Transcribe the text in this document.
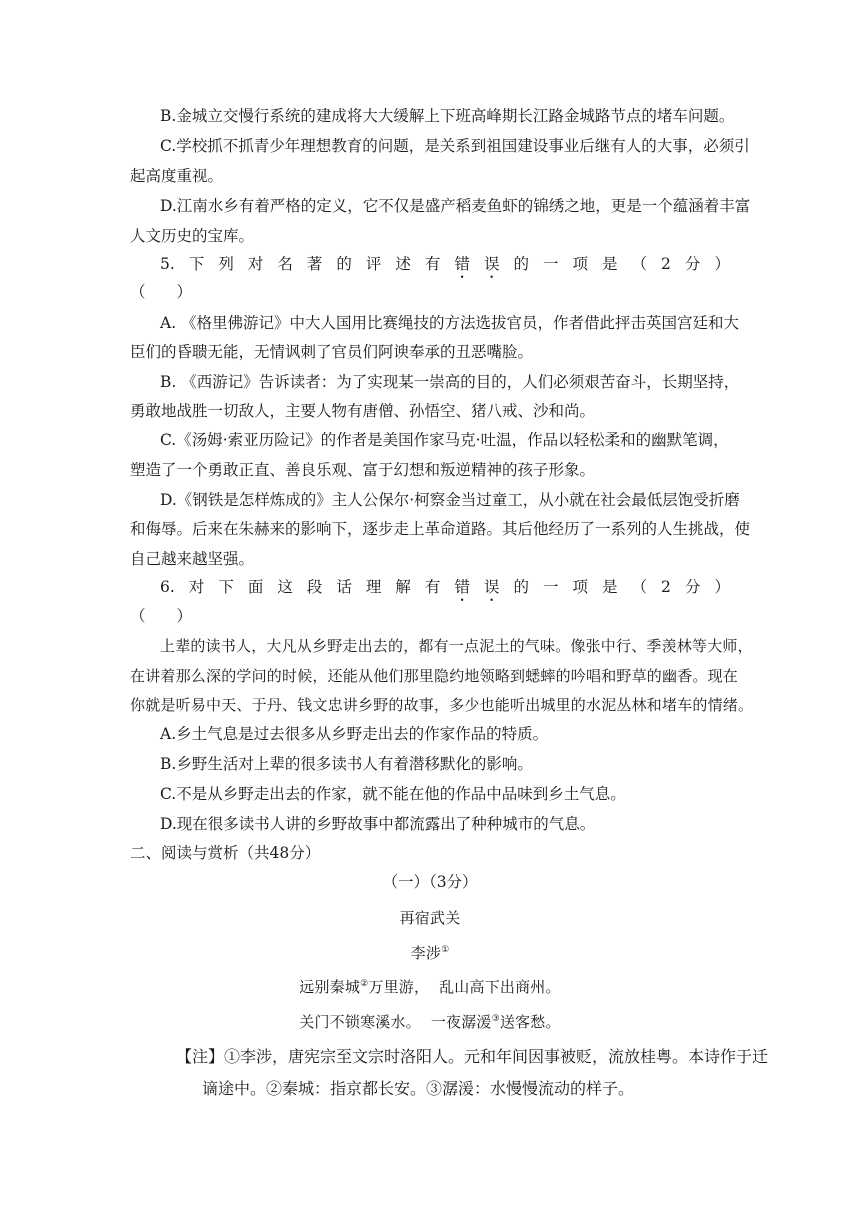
B.金城立交慢行系统的建成将大大缓解上下班高峰期长江路金城路节点的堵车问题。
C.学校抓不抓青少年理想教育的问题，是关系到祖国建设事业后继有人的大事，必须引
起高度重视。
D.江南水乡有着严格的定义，它不仅是盛产稻麦鱼虾的锦绣之地，更是一个蕴涵着丰富
人文历史的宝库。
5. 下 列 对 名 著 的 评 述 有 错 误 的 一 项 是 （ 2 分 ）
（　　）
A. 《格里佛游记》中大人国用比赛绳技的方法选拔官员，作者借此抨击英国宫廷和大
臣们的昏聩无能，无情讽刺了官员们阿谀奉承的丑恶嘴脸。
B. 《西游记》告诉读者：为了实现某一崇高的目的，人们必须艰苦奋斗，长期坚持，
勇敢地战胜一切敌人，主要人物有唐僧、孙悟空、猪八戒、沙和尚。
C.《汤姆·索亚历险记》的作者是美国作家马克·吐温，作品以轻松柔和的幽默笔调，
塑造了一个勇敢正直、善良乐观、富于幻想和叛逆精神的孩子形象。
D.《钢铁是怎样炼成的》主人公保尔·柯察金当过童工，从小就在社会最低层饱受折磨
和侮辱。后来在朱赫来的影响下，逐步走上革命道路。其后他经历了一系列的人生挑战，使
自己越来越坚强。
6. 对 下 面 这 段 话 理 解 有 错 误 的 一 项 是 （ 2 分 ）
（　　）
上辈的读书人，大凡从乡野走出去的，都有一点泥土的气味。像张中行、季羡林等大师，
在讲着那么深的学问的时候，还能从他们那里隐约地领略到蟋蟀的吟唱和野草的幽香。现在
你就是听易中天、于丹、钱文忠讲乡野的故事，多少也能听出城里的水泥丛林和堵车的情绪。
A.乡土气息是过去很多从乡野走出去的作家作品的特质。
B.乡野生活对上辈的很多读书人有着潜移默化的影响。
C.不是从乡野走出去的作家，就不能在他的作品中品味到乡土气息。
D.现在很多读书人讲的乡野故事中都流露出了种种城市的气息。
二、阅读与赏析（共48分）
（一）（3分）
再宿武关
李涉①
远别秦城②万里游，  乱山高下出商州。
关门不锁寒溪水。  一夜潺湲③送客愁。
【注】①李涉，唐宪宗至文宗时洛阳人。元和年间因事被贬，流放桂粤。本诗作于迁
谪途中。②秦城：指京都长安。③潺湲：水慢慢流动的样子。
